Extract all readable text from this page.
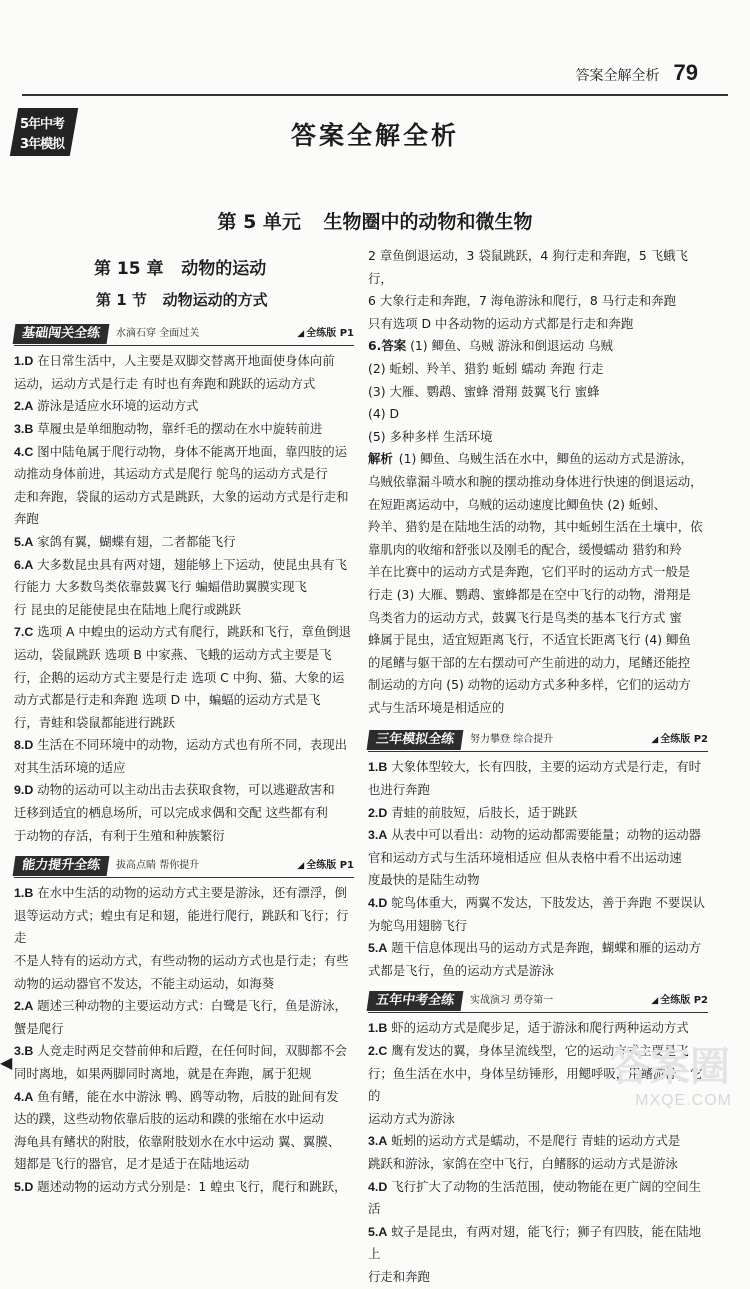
答案全解全析 79
5年中考
3年模拟	答案全解全析
第 5 单元 生物圈中的动物和微生物
第 15 章 动物的运动
第 1 节 动物运动的方式
基础闯关全练	水滴石穿 全面过关	◢ 全练版 P1
1.D 在日常生活中，人主要是双脚交替离开地面使身体向前
运动，运动方式是行走 有时也有奔跑和跳跃的运动方式
2.A 游泳是适应水环境的运动方式
3.B 草履虫是单细胞动物，靠纤毛的摆动在水中旋转前进
4.C 图中陆龟属于爬行动物，身体不能离开地面，靠四肢的运
动推动身体前进，其运动方式是爬行 鸵鸟的运动方式是行
走和奔跑，袋鼠的运动方式是跳跃，大象的运动方式是行走和
奔跑
5.A 家鸽有翼，蝴蝶有翅，二者都能飞行
6.A 大多数昆虫具有两对翅，翅能够上下运动，使昆虫具有飞
行能力 大多数鸟类依靠鼓翼飞行 蝙蝠借助翼膜实现飞
行 昆虫的足能使昆虫在陆地上爬行或跳跃
7.C 选项 A 中蝗虫的运动方式有爬行，跳跃和飞行，章鱼倒退
运动，袋鼠跳跃 选项 B 中家燕、飞蛾的运动方式主要是飞
行，企鹅的运动方式主要是行走 选项 C 中狗、猫、大象的运
动方式都是行走和奔跑 选项 D 中，蝙蝠的运动方式是飞
行，青蛙和袋鼠都能进行跳跃
8.D 生活在不同环境中的动物，运动方式也有所不同，表现出
对其生活环境的适应
9.D 动物的运动可以主动出击去获取食物，可以逃避敌害和
迁移到适宜的栖息场所，可以完成求偶和交配 这些都有利
于动物的存活，有利于生殖和种族繁衍
能力提升全练	拔高点睛 帮你提升	◢ 全练版 P1
1.B 在水中生活的动物的运动方式主要是游泳，还有漂浮，倒
退等运动方式；蝗虫有足和翅，能进行爬行，跳跃和飞行；行走
不是人特有的运动方式，有些动物的运动方式也是行走；有些
动物的运动器官不发达，不能主动运动，如海葵
2.A 题述三种动物的主要运动方式：白鹭是飞行，鱼是游泳，
蟹是爬行
3.B 人竞走时两足交替前伸和后蹬，在任何时间，双脚都不会
同时离地，如果两脚同时离地，就是在奔跑，属于犯规
4.A 鱼有鳍，能在水中游泳 鸭、鸥等动物，后肢的趾间有发
达的蹼，这些动物依靠后肢的运动和蹼的张缩在水中运动
海龟具有鳍状的附肢，依靠附肢划水在水中运动 翼、翼膜、
翅都是飞行的器官，足才是适于在陆地运动
5.D 题述动物的运动方式分别是：1 蝗虫飞行，爬行和跳跃，
2 章鱼倒退运动，3 袋鼠跳跃，4 狗行走和奔跑，5 飞蛾飞行，
6 大象行走和奔跑，7 海龟游泳和爬行，8 马行走和奔跑
只有选项 D 中各动物的运动方式都是行走和奔跑
6.答案 (1) 鲫鱼、乌贼 游泳和倒退运动 乌贼
(2) 蚯蚓、羚羊、猎豹 蚯蚓 蠕动 奔跑 行走
(3) 大雁、鹦鹉、蜜蜂 滑翔 鼓翼飞行 蜜蜂
(4) D
(5) 多种多样 生活环境
解析 (1) 鲫鱼、乌贼生活在水中，鲫鱼的运动方式是游泳，
乌贼依靠漏斗喷水和腕的摆动推动身体进行快速的倒退运动，
在短距离运动中，乌贼的运动速度比鲫鱼快 (2) 蚯蚓、
羚羊、猎豹是在陆地生活的动物，其中蚯蚓生活在土壤中，依
靠肌肉的收缩和舒张以及刚毛的配合，缓慢蠕动 猎豹和羚
羊在比赛中的运动方式是奔跑，它们平时的运动方式一般是
行走 (3) 大雁、鹦鹉、蜜蜂都是在空中飞行的动物，滑翔是
鸟类省力的运动方式，鼓翼飞行是鸟类的基本飞行方式 蜜
蜂属于昆虫，适宜短距离飞行，不适宜长距离飞行 (4) 鲫鱼
的尾鳍与躯干部的左右摆动可产生前进的动力，尾鳍还能控
制运动的方向 (5) 动物的运动方式多种多样，它们的运动方
式与生活环境是相适应的
三年模拟全练	努力攀登 综合提升	◢ 全练版 P2
1.B 大象体型较大，长有四肢，主要的运动方式是行走，有时
也进行奔跑
2.D 青蛙的前肢短，后肢长，适于跳跃
3.A 从表中可以看出：动物的运动都需要能量；动物的运动器
官和运动方式与生活环境相适应 但从表格中看不出运动速
度最快的是陆生动物
4.D 鸵鸟体重大，两翼不发达，下肢发达，善于奔跑 不要误认
为鸵鸟用翅膀飞行
5.A 题干信息体现出马的运动方式是奔跑，蝴蝶和雁的运动方
式都是飞行，鱼的运动方式是游泳
五年中考全练	实战演习 勇夺第一	◢ 全练版 P2
1.B 虾的运动方式是爬步足，适于游泳和爬行两种运动方式
2.C 鹰有发达的翼，身体呈流线型，它的运动方式主要是飞
行；鱼生活在水中，身体呈纺锤形，用鳃呼吸，用鳍游泳，它的
运动方式为游泳
3.A 蚯蚓的运动方式是蠕动，不是爬行 青蛙的运动方式是
跳跃和游泳，家鸽在空中飞行，白鳍豚的运动方式是游泳
4.D 飞行扩大了动物的生活范围，使动物能在更广阔的空间生活
5.A 蚊子是昆虫，有两对翅，能飞行；狮子有四肢，能在陆地上
行走和奔跑
◀	答案圈
MXQE.COM
